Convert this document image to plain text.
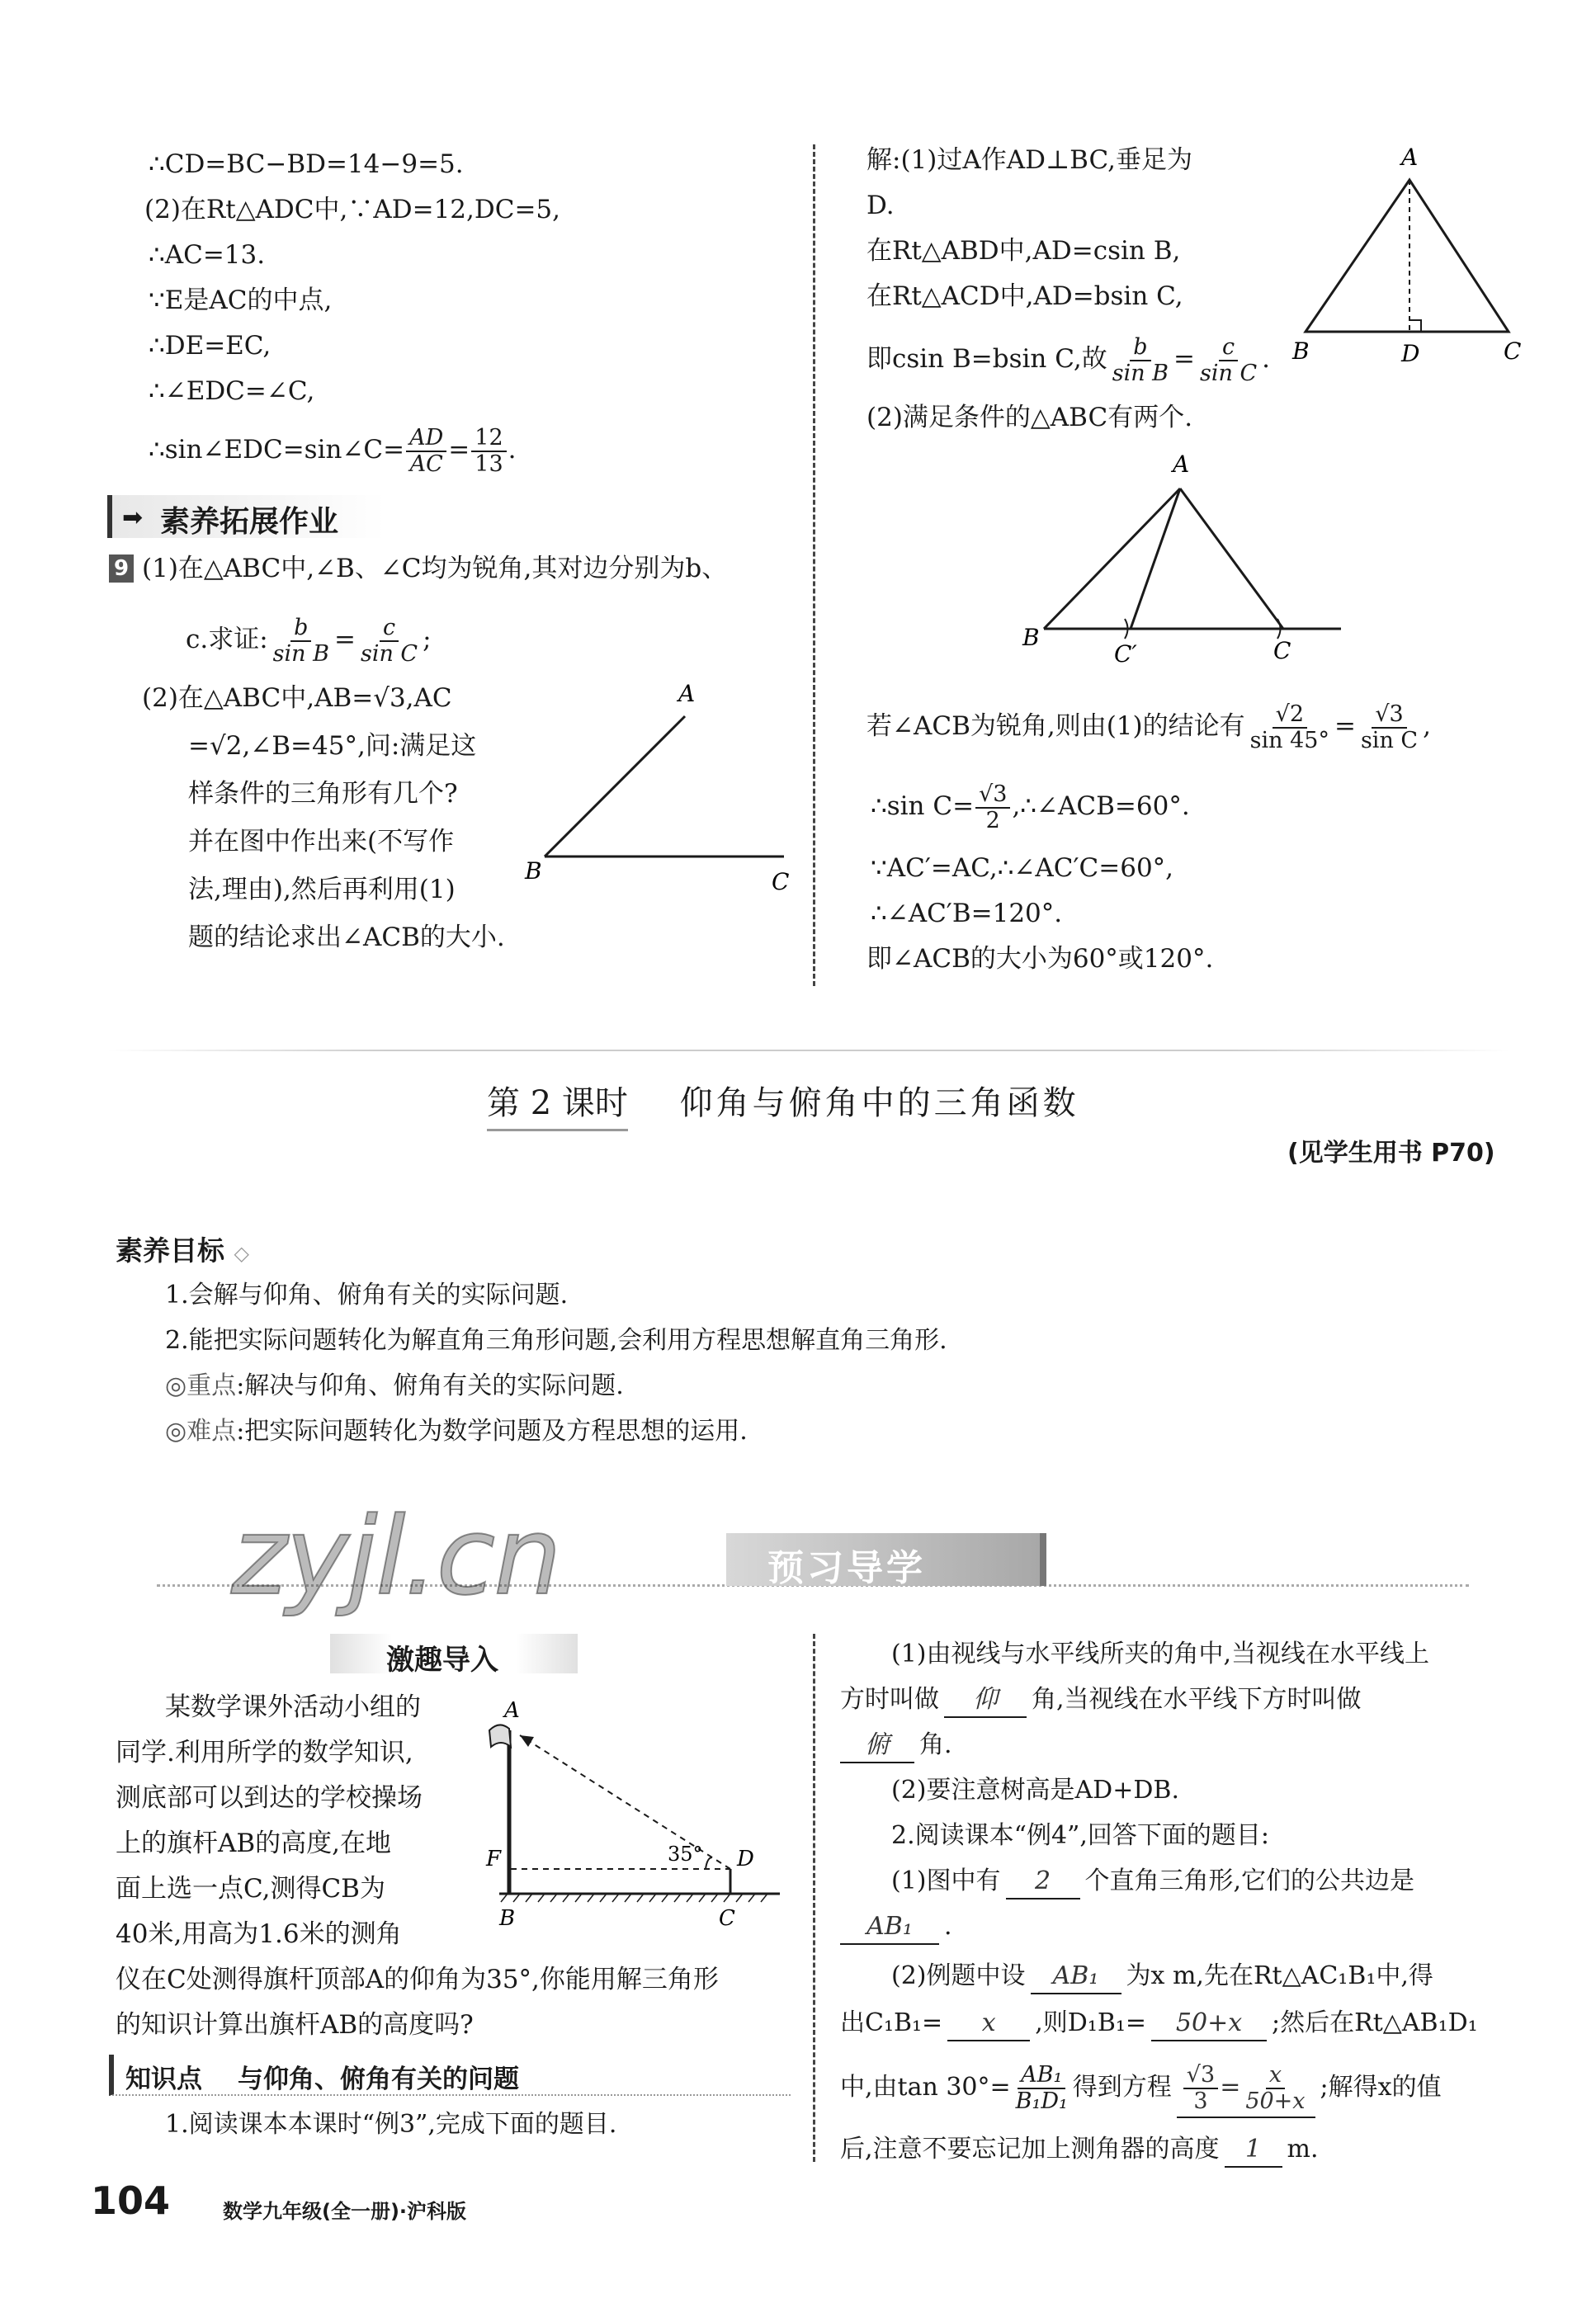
∴CD=BC−BD=14−9=5.
(2)在Rt△ADC中,∵AD=12,DC=5,
∴AC=13.
∵E是AC的中点,
∴DE=EC,
∴∠EDC=∠C,
∴sin∠EDC=sin∠C= $\frac{AD}{AC} = \frac{12}{13}$ .
➡ 素养拓展作业
9 (1)在△ABC中,∠B、∠C均为锐角,其对边分别为b、
c.求证: $\frac{b}{\text{sin B}} = \frac{c}{\text{sin C}}$ ;
(2)在△ABC中,AB=√3,AC
=√2,∠B=45°,问:满足这
样条件的三角形有几个?
并在图中作出来(不写作
法,理由),然后再利用(1)
题的结论求出∠ACB的大小.
A
B	C
解:(1)过A作AD⊥BC,垂足为
D.
在Rt△ABD中,AD=csin B,
在Rt△ACD中,AD=bsin C,
即csin B=bsin C,故 $\frac{b}{\text{sin B}} = \frac{c}{\text{sin C}}$ .
(2)满足条件的△ABC有两个.
A
B	D	C
A
B
C′	C
若∠ACB为锐角,则由(1)的结论有 $\frac{√2}{\sin 45^\circ} = \frac{√3}{\text{sin C}}$ ,
∴sin $C= \frac{√3}{2}$ ,∴∠ACB=60°.
∵AC′=AC,∴∠AC′C=60°,
∴∠AC′B=120°.
即∠ACB的大小为60°或120°.
第 2 课时 仰角与俯角中的三角函数
(见学生用书 P70)
素养目标 ◇
1.会解与仰角、俯角有关的实际问题.
2.能把实际问题转化为解直角三角形问题,会利用方程思想解直角三角形.
◎重点:解决与仰角、俯角有关的实际问题.
◎难点:把实际问题转化为数学问题及方程思想的运用.
预习导学
zyjl.cn
激趣导入
某数学课外活动小组的
同学.利用所学的数学知识,
测底部可以到达的学校操场
上的旗杆AB的高度,在地
面上选一点C,测得CB为
40米,用高为1.6米的测角
仪在C处测得旗杆顶部A的仰角为35°,你能用解三角形
的知识计算出旗杆AB的高度吗?
A
F
B	C
D
35°
知识点 与仰角、俯角有关的问题
1.阅读课本本课时“例3”,完成下面的题目.
(1)由视线与水平线所夹的角中,当视线在水平线上
方时叫做 仰 角,当视线在水平线下方时叫做
俯 角.
(2)要注意树高是AD+DB.
2.阅读课本“例4”,回答下面的题目:
(1)图中有 2 个直角三角形,它们的公共边是
AB₁ .
(2)例题中设 AB₁ 为x m,先在Rt△AC₁B₁中,得
出C₁B₁= x ,则D₁B₁= 50+x ;然后在Rt△AB₁D₁
中,由$\tan 30^\circ= \frac{\text{AB₁}}{\text{B₁D₁}}$ 得到方程 $\frac{√3}{3} = \frac{x}{50+x}$ ;解得x的值
后,注意不要忘记加上测角器的高度 1 m.
104	数学九年级(全一册)·沪科版
